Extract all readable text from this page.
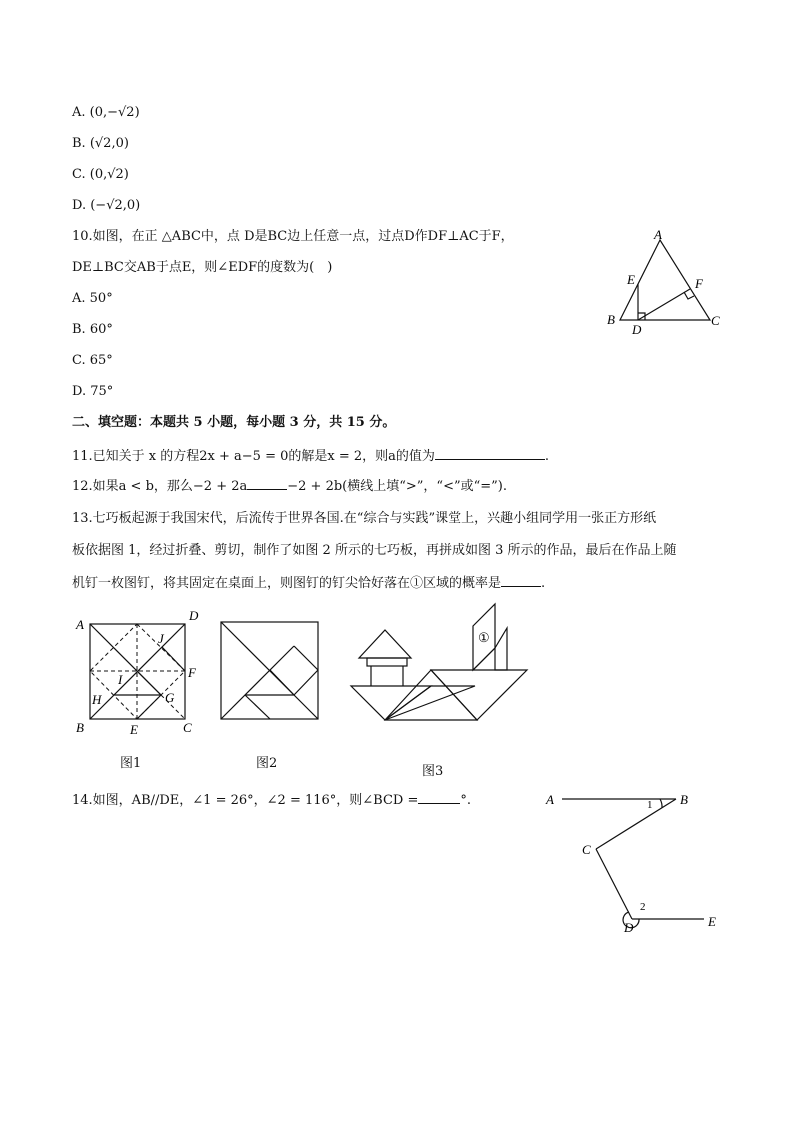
A. (0,−√2)
B. (√2,0)
C. (0,√2)
D. (−√2,0)
10.如图，在正 △ABC中，点 D是BC边上任意一点，过点D作DF⊥AC于F，
DE⊥BC交AB于点E，则∠EDF的度数为(　)
A. 50°
B. 60°
C. 65°
D. 75°
A
B	C
D
E	F
二、填空题：本题共 5 小题，每小题 3 分，共 15 分。
11.已知关于 x 的方程2x + a−5 = 0的解是x = 2，则a的值为	.
12.如果a < b，那么−2 + 2a	−2 + 2b(横线上填“>”，“<”或“=”).
13.七巧板起源于我国宋代，后流传于世界各国.在“综合与实践”课堂上，兴趣小组同学用一张正方形纸
板依据图 1，经过折叠、剪切，制作了如图 2 所示的七巧板，再拼成如图 3 所示的作品，最后在作品上随
机钉一枚图钉，将其固定在桌面上，则图钉的钉尖恰好落在①区域的概率是	.
A
D
J
F
I
H	G
B	E	C
图1	图2
①
图3
14.如图，AB//DE，∠1 = 26°，∠2 = 116°，则∠BCD =	°.	A	B
C
D	E
1
2
